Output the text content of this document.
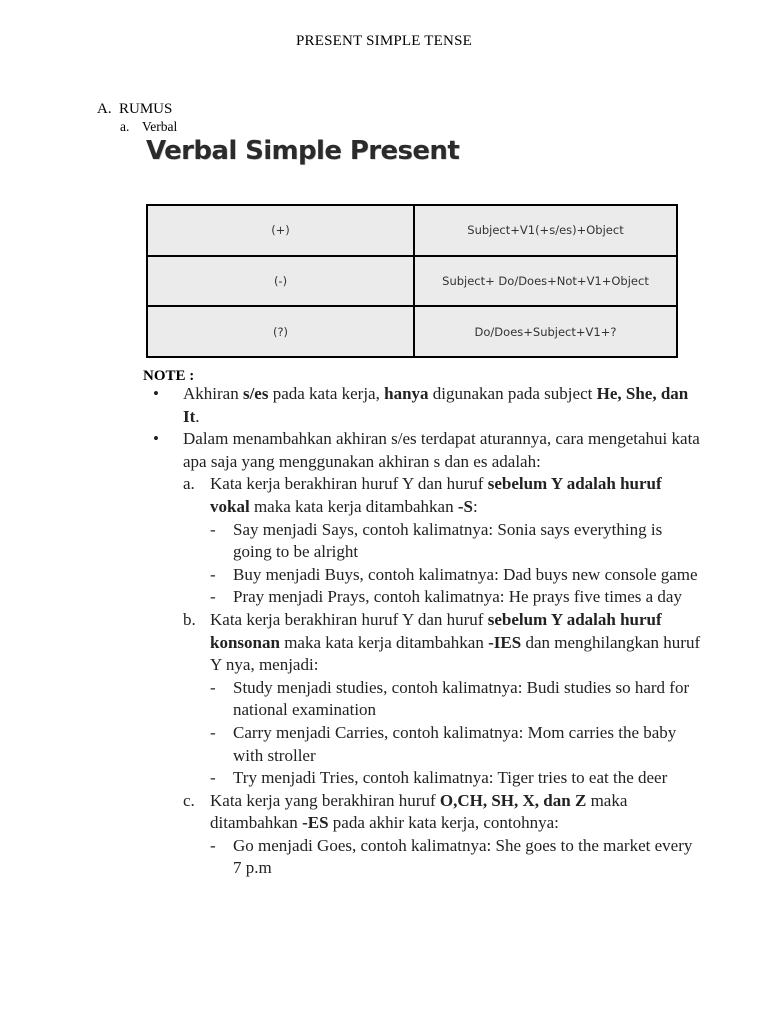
PRESENT SIMPLE TENSE
A. RUMUS
a. Verbal
Verbal Simple Present
(+)	Subject+V1(+s/es)+Object
(-)	Subject+ Do/Does+Not+V1+Object
(?)	Do/Does+Subject+V1+?
NOTE :

• Akhiran s/es pada kata kerja, hanya digunakan pada subject He, She, dan It.

• Dalam menambahkan akhiran s/es terdapat aturannya, cara mengetahui kata apa saja yang menggunakan akhiran s dan es adalah:

a. Kata kerja berakhiran huruf Y dan huruf sebelum Y adalah huruf vokal maka kata kerja ditambahkan -S:

- Say menjadi Says, contoh kalimatnya: Sonia says everything is going to be alright

- Buy menjadi Buys, contoh kalimatnya: Dad buys new console game

- Pray menjadi Prays, contoh kalimatnya: He prays five times a day

b. Kata kerja berakhiran huruf Y dan huruf sebelum Y adalah huruf konsonan maka kata kerja ditambahkan -IES dan menghilangkan huruf Y nya, menjadi:

- Study menjadi studies, contoh kalimatnya: Budi studies so hard for national examination

- Carry menjadi Carries, contoh kalimatnya: Mom carries the baby with stroller

- Try menjadi Tries, contoh kalimatnya: Tiger tries to eat the deer

c. Kata kerja yang berakhiran huruf O,CH, SH, X, dan Z maka ditambahkan -ES pada akhir kata kerja, contohnya:

- Go menjadi Goes, contoh kalimatnya: She goes to the market every 7 p.m
